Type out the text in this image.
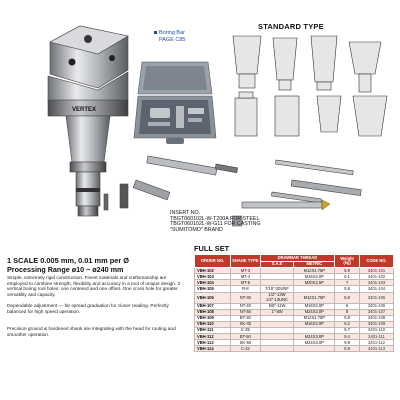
VERTEX
Boring Bar
PAGE C85
STANDARD TYPE
INSERT NO.
TBGT060102L-W-T200A FOR STEEL
TBGT060102L-W-G11 FOR CASTING
"SUMITOMO" BRAND
1 SCALE 0.005 mm, 0.01 mm per Ø
Processing Range ø10 ~ ø240 mm
Simple, extremely rigid construction. Finest materials and craftsmanship are employed to combine strength, flexibility and accuracy in a tool of unique design. 2 vertical boring tool holes: one centered and one offset. One cross hole for greater versatility and capacity.
Dependable adjustment — far spread graduation for closer reading. Perfectly balanced for high speed operation.
Precision ground & hardened shank are integrating with the head for routing and smoother operation.
FULL SET
ORDER NO.	SHANK TYPE	DRAWBAR THREAD		Weight (kg)	CODE NO.
		S.A.E	METRIC		
VBH-102	MT-3		M12X1.75P	5.9	3401-101
VBH-103	MT-4		M16X2.0P	6.1	3401-102
VBH-104	MT-5		M20X2.5P	7	3401-103
VBH-105	R-8	7/16"-20UNF		5.8	3401-104
VBH-106	NT-30	1/2"-13W 1/2"-13UNC	M12X1.75P	5.8	3401-105
VBH-107	NT-40	5/8"-11W	M16X2.0P	6	3401-106
VBH-108	NT-50	1"-8W	M24X3.0P	8	3401-107
VBH-109	BT-30		M12X1.75P	5.8	3401-108
VBH-110	SK-40		M16X2.0P	6.2	3401-109
VBH-111	C-25			5.7	3401-110
VBH-112	BT-50		M24X3.0P	9.4	3401-111
VBH-113	SK-50		M24X3.0P	9.9	3401-112
VBH-114	C-32			5.9	3401-113
